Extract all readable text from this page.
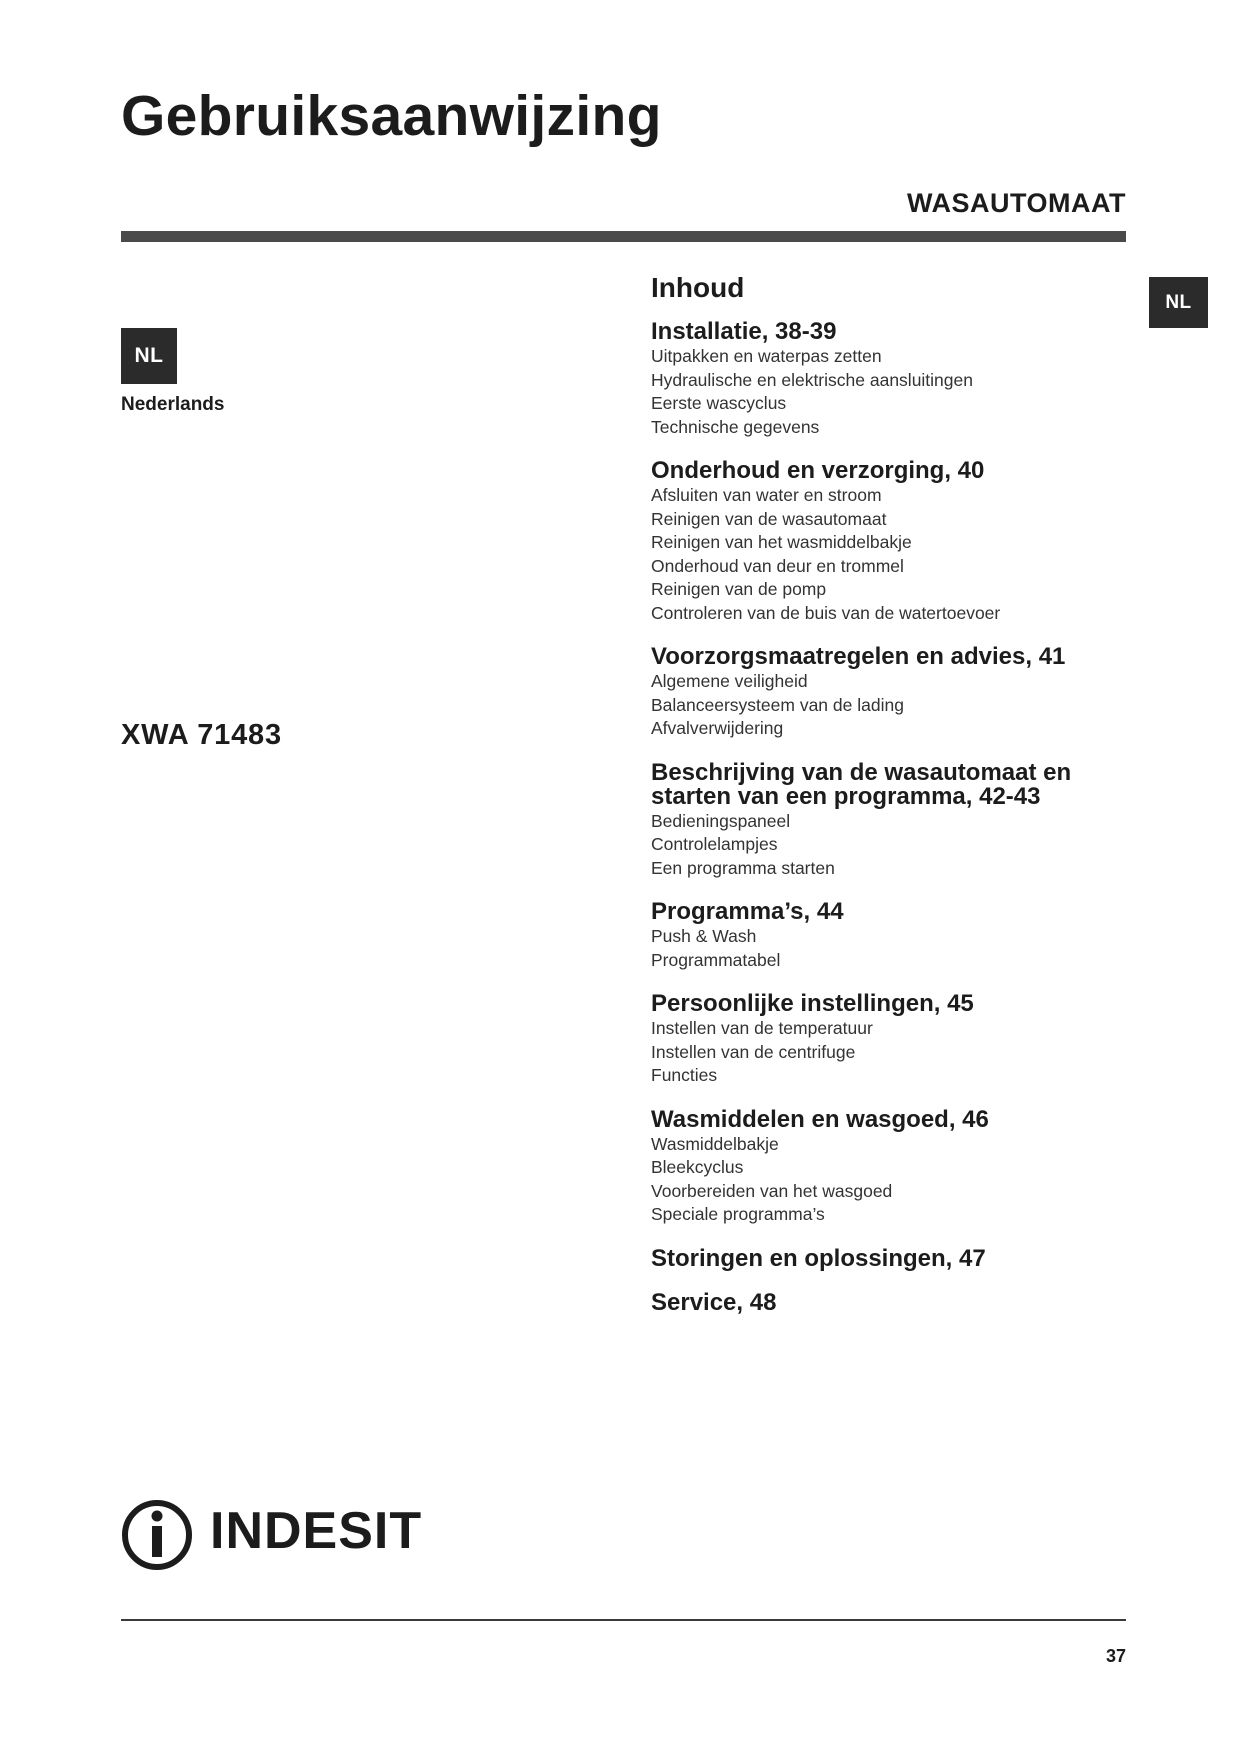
Gebruiksaanwijzing
WASAUTOMAAT
NL
NL
Nederlands
XWA 71483
Inhoud
Installatie, 38-39
Uitpakken en waterpas zetten
Hydraulische en elektrische aansluitingen
Eerste wascyclus
Technische gegevens
Onderhoud en verzorging, 40
Afsluiten van water en stroom
Reinigen van de wasautomaat
Reinigen van het wasmiddelbakje
Onderhoud van deur en trommel
Reinigen van de pomp
Controleren van de buis van de watertoevoer
Voorzorgsmaatregelen en advies, 41
Algemene veiligheid
Balanceersysteem van de lading
Afvalverwijdering
Beschrijving van de wasautomaat en starten van een programma, 42-43
Bedieningspaneel
Controlelampjes
Een programma starten
Programma’s, 44
Push & Wash
Programmatabel
Persoonlijke instellingen, 45
Instellen van de temperatuur
Instellen van de centrifuge
Functies
Wasmiddelen en wasgoed, 46
Wasmiddelbakje
Bleekcyclus
Voorbereiden van het wasgoed
Speciale programma’s
Storingen en oplossingen, 47
Service, 48
INDESIT
37
